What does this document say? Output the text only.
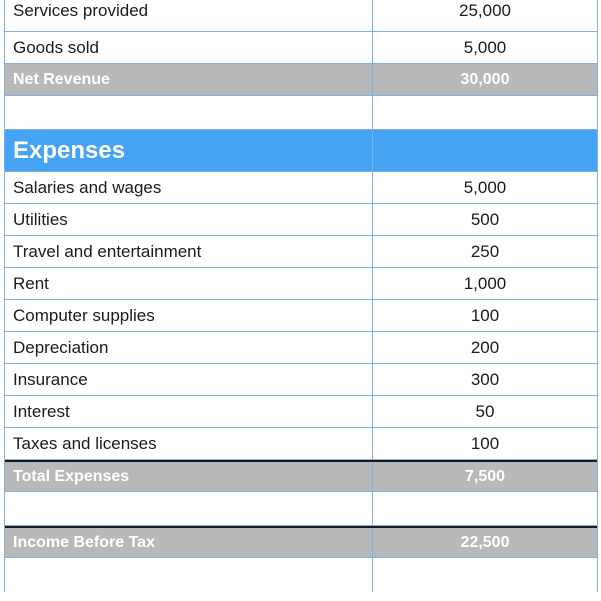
Services provided	25,000
Goods sold	5,000
Net Revenue	30,000
Expenses
Salaries and wages	5,000
Utilities	500
Travel and entertainment	250
Rent	1,000
Computer supplies	100
Depreciation	200
Insurance	300
Interest	50
Taxes and licenses	100
Total Expenses	7,500
Income Before Tax	22,500
